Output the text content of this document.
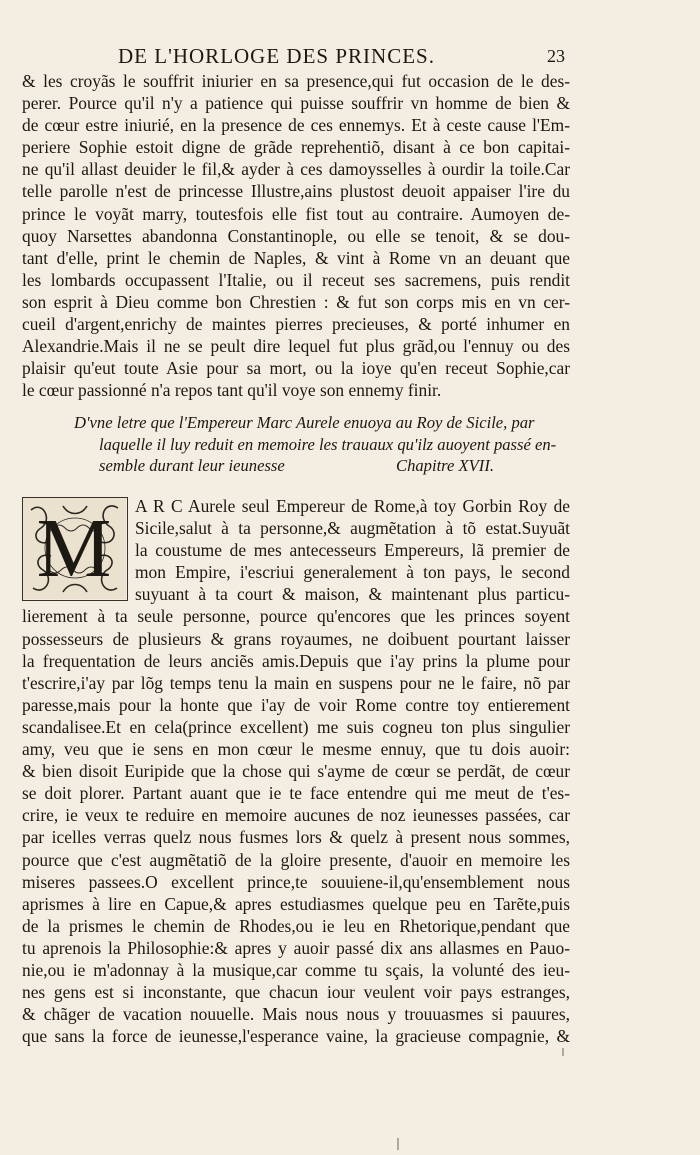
DE L'HORLOGE DES PRINCES.	23
& les croyãs le souffrit iniurier en sa presence,qui fut occasion de le des-
perer. Pource qu'il n'y a patience qui puisse souffrir vn homme de bien &
de cœur estre iniurié, en la presence de ces ennemys. Et à ceste cause l'Em-
periere Sophie estoit digne de grãde reprehentiõ, disant à ce bon capitai-
ne qu'il allast deuider le fil,& ayder à ces damoysselles à ourdir la toile.Car
telle parolle n'est de princesse Illustre,ains plustost deuoit appaiser l'ire du
prince le voyãt marry, toutesfois elle fist tout au contraire. Aumoyen de-
quoy Narsettes abandonna Constantinople, ou elle se tenoit, & se dou-
tant d'elle, print le chemin de Naples, & vint à Rome vn an deuant que
les lombards occupassent l'Italie, ou il receut ses sacremens, puis rendit
son esprit à Dieu comme bon Chrestien : & fut son corps mis en vn cer-
cueil d'argent,enrichy de maintes pierres precieuses, & porté inhumer en
Alexandrie.Mais il ne se peult dire lequel fut plus grãd,ou l'ennuy ou des
plaisir qu'eut toute Asie pour sa mort, ou la ioye qu'en receut Sophie,car
le cœur passionné n'a repos tant qu'il voye son ennemy finir.
D'vne letre que l'Empereur Marc Aurele enuoya au Roy de Sicile, par
laquelle il luy reduit en memoire les trauaux qu'ilz auoyent passé en-
semble durant leur ieunesse	Chapitre XVII.
A R C Aurele seul Empereur de Rome,à toy Gorbin Roy de
Sicile,salut à ta personne,& augmẽtation à tõ estat.Suyuãt
la coustume de mes antecesseurs Empereurs, lã premier de
mon Empire, i'escriui generalement à ton pays, le second
suyuant à ta court & maison, & maintenant plus particu-
lierement à ta seule personne, pource qu'encores que les princes soyent
possesseurs de plusieurs & grans royaumes, ne doibuent pourtant laisser
la frequentation de leurs anciẽs amis.Depuis que i'ay prins la plume pour
t'escrire,i'ay par lõg temps tenu la main en suspens pour ne le faire, nõ par
paresse,mais pour la honte que i'ay de voir Rome contre toy entierement
scandalisee.Et en cela(prince excellent) me suis cogneu ton plus singulier
amy, veu que ie sens en mon cœur le mesme ennuy, que tu dois auoir:
& bien disoit Euripide que la chose qui s'ayme de cœur se perdãt, de cœur
se doit plorer. Partant auant que ie te face entendre qui me meut de t'es-
crire, ie veux te reduire en memoire aucunes de noz ieunesses passées, car
par icelles verras quelz nous fusmes lors & quelz à present nous sommes,
pource que c'est augmẽtatiõ de la gloire presente, d'auoir en memoire les
miseres passees.O excellent prince,te souuiene-il,qu'ensemblement nous
aprismes à lire en Capue,& apres estudiasmes quelque peu en Tarẽte,puis
de la prismes le chemin de Rhodes,ou ie leu en Rhetorique,pendant que
tu aprenois la Philosophie:& apres y auoir passé dix ans allasmes en Pauo-
nie,ou ie m'adonnay à la musique,car comme tu sçais, la volunté des ieu-
nes gens est si inconstante, que chacun iour veulent voir pays estranges,
& chãger de vacation nouuelle. Mais nous nous y trouuasmes si pauures,
que sans la force de ieunesse,l'esperance vaine, la gracieuse compagnie, &
M
